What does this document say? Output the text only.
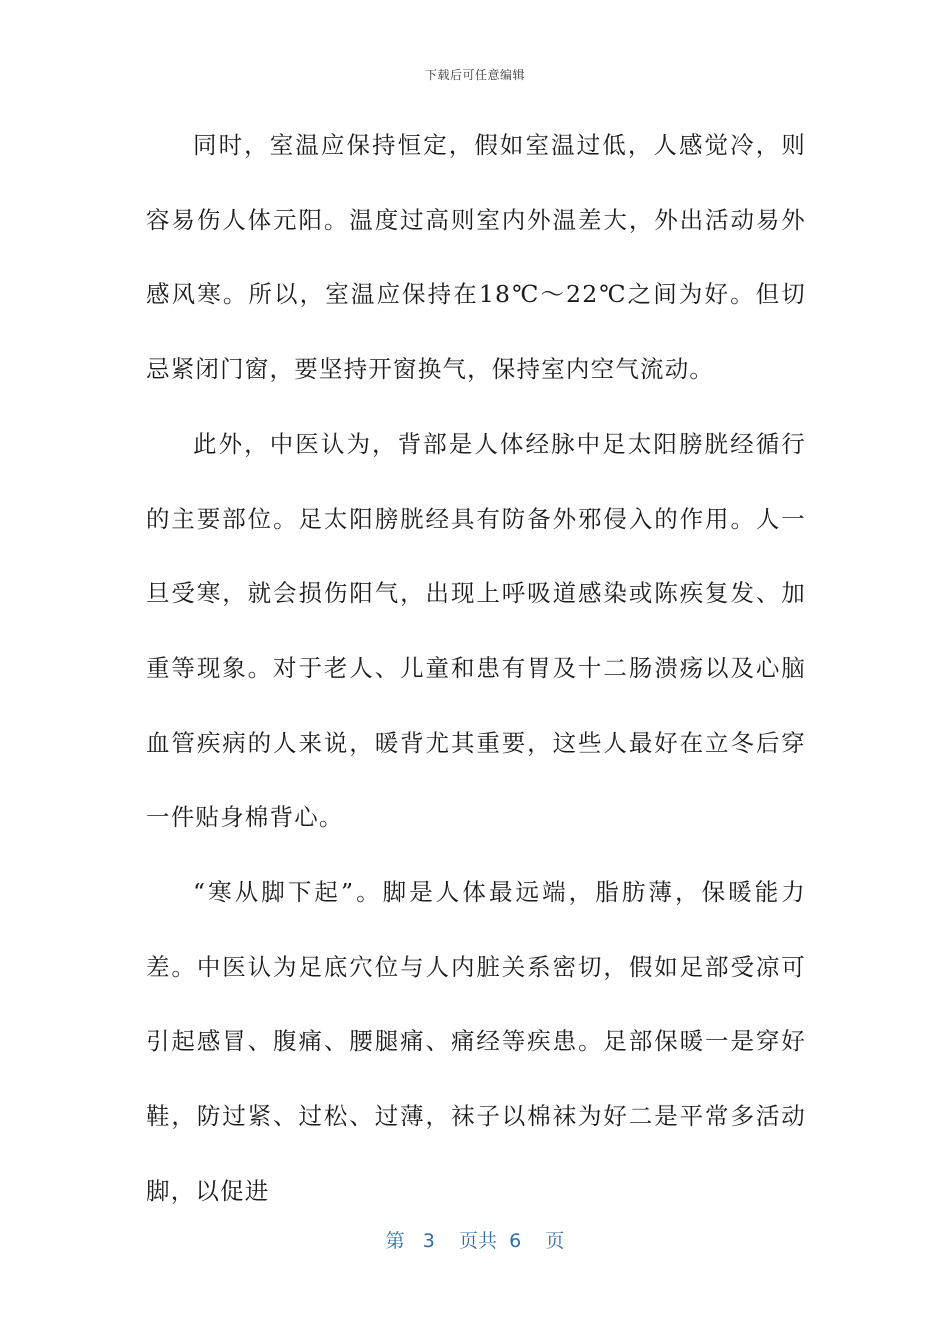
下载后可任意编辑

同时，室温应保持恒定，假如室温过低，人感觉冷，则容易伤人体元阳。温度过高则室内外温差大，外出活动易外感风寒。所以，室温应保持在18℃～22℃之间为好。但切忌紧闭门窗，要坚持开窗换气，保持室内空气流动。

此外，中医认为，背部是人体经脉中足太阳膀胱经循行的主要部位。足太阳膀胱经具有防备外邪侵入的作用。人一旦受寒，就会损伤阳气，出现上呼吸道感染或陈疾复发、加重等现象。对于老人、儿童和患有胃及十二肠溃疡以及心脑血管疾病的人来说，暖背尤其重要，这些人最好在立冬后穿一件贴身棉背心。

“寒从脚下起”。脚是人体最远端，脂肪薄，保暖能力差。中医认为足底穴位与人内脏关系密切，假如足部受凉可引起感冒、腹痛、腰腿痛、痛经等疾患。足部保暖一是穿好鞋，防过紧、过松、过薄，袜子以棉袜为好二是平常多活动脚，以促进

第 3 页共 6 页
